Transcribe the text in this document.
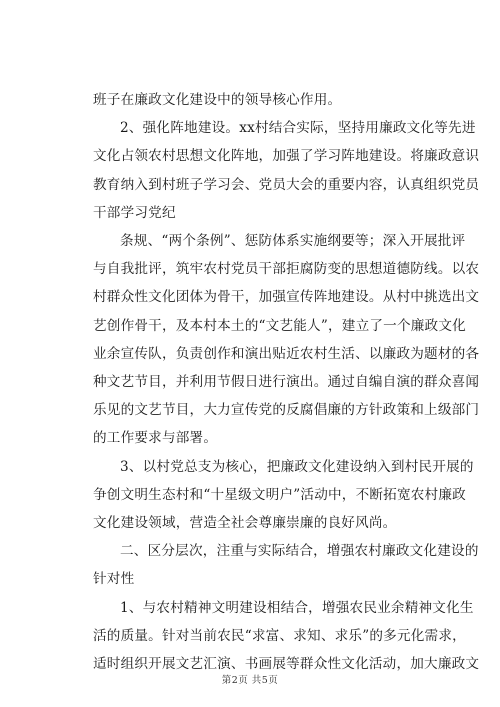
班子在廉政文化建设中的领导核心作用。

2、强化阵地建设。xx村结合实际，坚持用廉政文化等先进

文化占领农村思想文化阵地，加强了学习阵地建设。将廉政意识

教育纳入到村班子学习会、党员大会的重要内容，认真组织党员

干部学习党纪

条规、“两个条例”、惩防体系实施纲要等；深入开展批评

与自我批评，筑牢农村党员干部拒腐防变的思想道德防线。以农

村群众性文化团体为骨干，加强宣传阵地建设。从村中挑选出文

艺创作骨干，及本村本土的“文艺能人”，建立了一个廉政文化

业余宣传队，负责创作和演出贴近农村生活、以廉政为题材的各

种文艺节目，并利用节假日进行演出。通过自编自演的群众喜闻

乐见的文艺节目，大力宣传党的反腐倡廉的方针政策和上级部门

的工作要求与部署。

3、以村党总支为核心，把廉政文化建设纳入到村民开展的

争创文明生态村和“十星级文明户”活动中，不断拓宽农村廉政

文化建设领域，营造全社会尊廉崇廉的良好风尚。

二、区分层次，注重与实际结合，增强农村廉政文化建设的

针对性

1、与农村精神文明建设相结合，增强农民业余精神文化生

活的质量。针对当前农民“求富、求知、求乐”的多元化需求，

适时组织开展文艺汇演、书画展等群众性文化活动，加大廉政文

第2页 共5页
